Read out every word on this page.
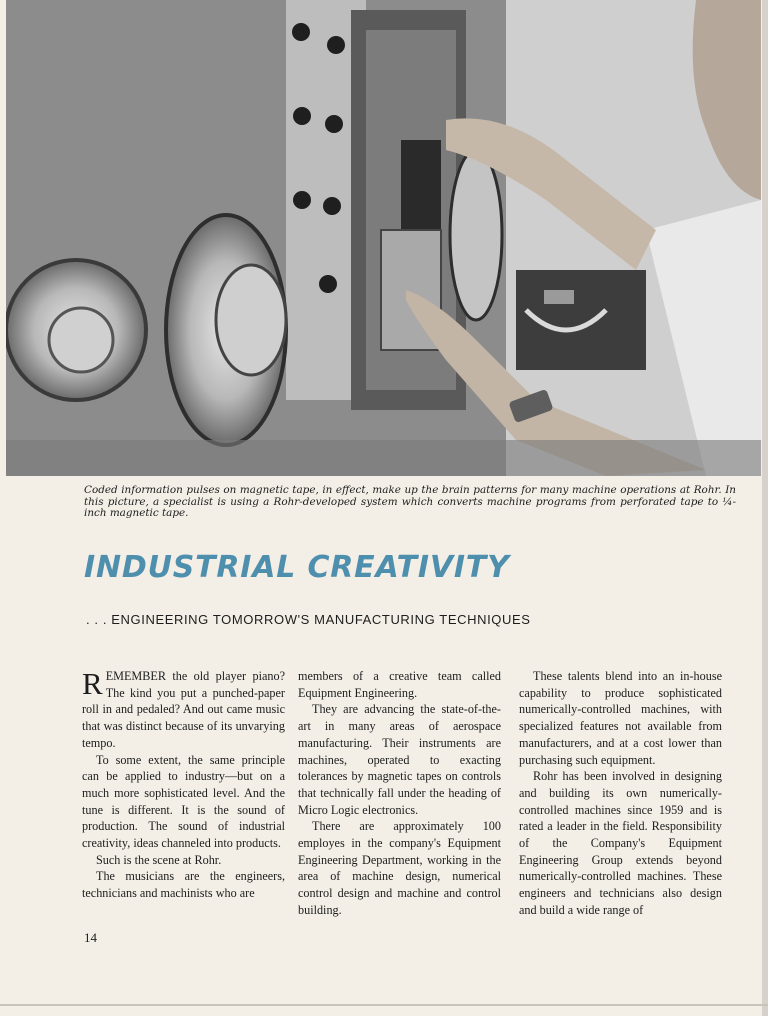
Coded information pulses on magnetic tape, in effect, make up the brain patterns for many machine operations at Rohr. In this picture, a specialist is using a Rohr-developed system which converts machine programs from perforated tape to ¼-inch magnetic tape.
INDUSTRIAL CREATIVITY
. . . ENGINEERING TOMORROW'S MANUFACTURING TECHNIQUES

REMEMBER the old player piano? The kind you put a punched-paper roll in and pedaled? And out came music that was distinct because of its unvarying tempo.

To some extent, the same principle can be applied to industry—but on a much more sophisticated level. And the tune is different. It is the sound of production. The sound of industrial creativity, ideas channeled into products.

Such is the scene at Rohr.

The musicians are the engineers, technicians and machinists who are

members of a creative team called Equipment Engineering.

They are advancing the state-of-the-art in many areas of aerospace manufacturing. Their instruments are machines, operated to exacting tolerances by magnetic tapes on controls that technically fall under the heading of Micro Logic electronics.

There are approximately 100 employes in the company's Equipment Engineering Department, working in the area of machine design, numerical control design and machine and control building.

These talents blend into an in-house capability to produce sophisticated numerically-controlled machines, with specialized features not available from manufacturers, and at a cost lower than purchasing such equipment.

Rohr has been involved in designing and building its own numerically-controlled machines since 1959 and is rated a leader in the field. Responsibility of the Company's Equipment Engineering Group extends beyond numerically-controlled machines. These engineers and technicians also design and build a wide range of

14
